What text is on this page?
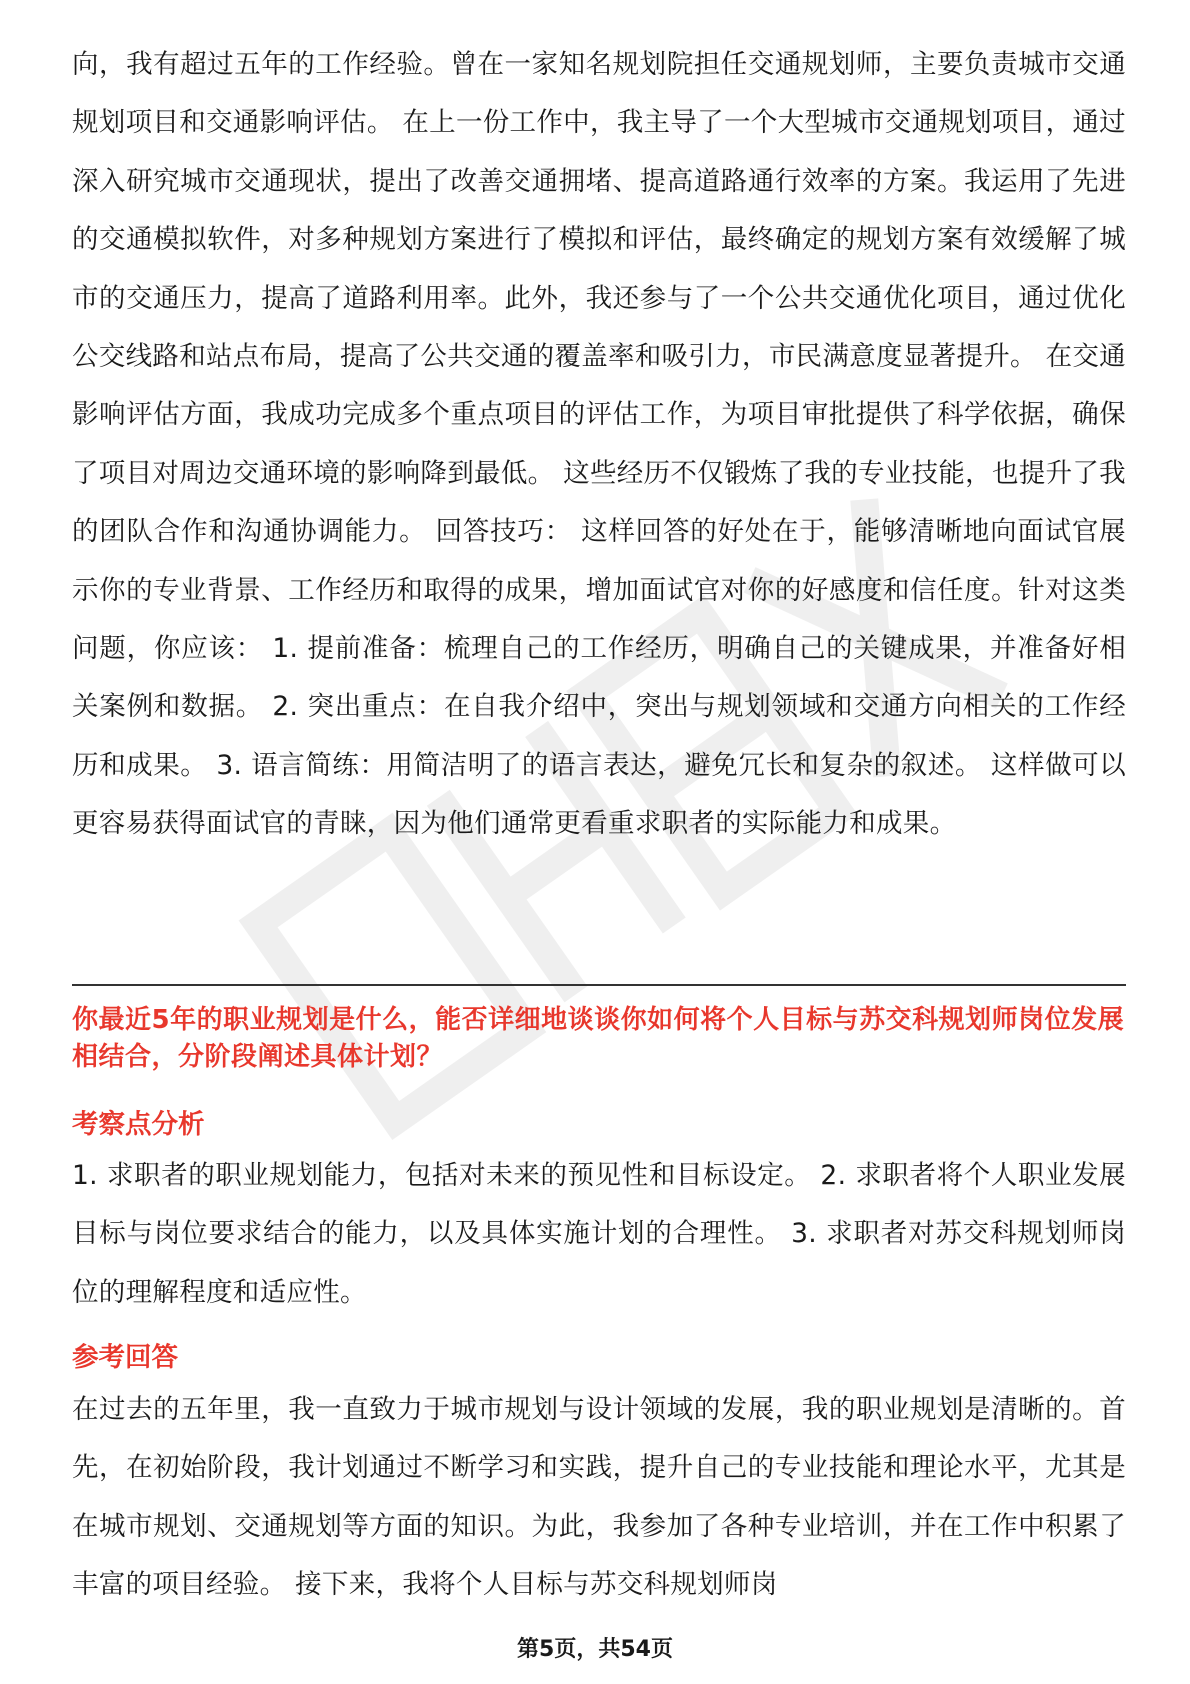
向，我有超过五年的工作经验。曾在一家知名规划院担任交通规划师，主要负责城市交通规划项目和交通影响评估。 在上一份工作中，我主导了一个大型城市交通规划项目，通过深入研究城市交通现状，提出了改善交通拥堵、提高道路通行效率的方案。我运用了先进的交通模拟软件，对多种规划方案进行了模拟和评估，最终确定的规划方案有效缓解了城市的交通压力，提高了道路利用率。此外，我还参与了一个公共交通优化项目，通过优化公交线路和站点布局，提高了公共交通的覆盖率和吸引力，市民满意度显著提升。 在交通影响评估方面，我成功完成多个重点项目的评估工作，为项目审批提供了科学依据，确保了项目对周边交通环境的影响降到最低。 这些经历不仅锻炼了我的专业技能，也提升了我的团队合作和沟通协调能力。 回答技巧： 这样回答的好处在于，能够清晰地向面试官展示你的专业背景、工作经历和取得的成果，增加面试官对你的好感度和信任度。针对这类问题，你应该： 1. 提前准备：梳理自己的工作经历，明确自己的关键成果，并准备好相关案例和数据。 2. 突出重点：在自我介绍中，突出与规划领域和交通方向相关的工作经历和成果。 3. 语言简练：用简洁明了的语言表达，避免冗长和复杂的叙述。 这样做可以更容易获得面试官的青睐，因为他们通常更看重求职者的实际能力和成果。

你最近5年的职业规划是什么，能否详细地谈谈你如何将个人目标与苏交科规划师岗位发展相结合，分阶段阐述具体计划？

考察点分析

1. 求职者的职业规划能力，包括对未来的预见性和目标设定。 2. 求职者将个人职业发展目标与岗位要求结合的能力，以及具体实施计划的合理性。 3. 求职者对苏交科规划师岗位的理解程度和适应性。

参考回答

在过去的五年里，我一直致力于城市规划与设计领域的发展，我的职业规划是清晰的。首先，在初始阶段，我计划通过不断学习和实践，提升自己的专业技能和理论水平，尤其是在城市规划、交通规划等方面的知识。为此，我参加了各种专业培训，并在工作中积累了丰富的项目经验。 接下来，我将个人目标与苏交科规划师岗

第5页，共54页
